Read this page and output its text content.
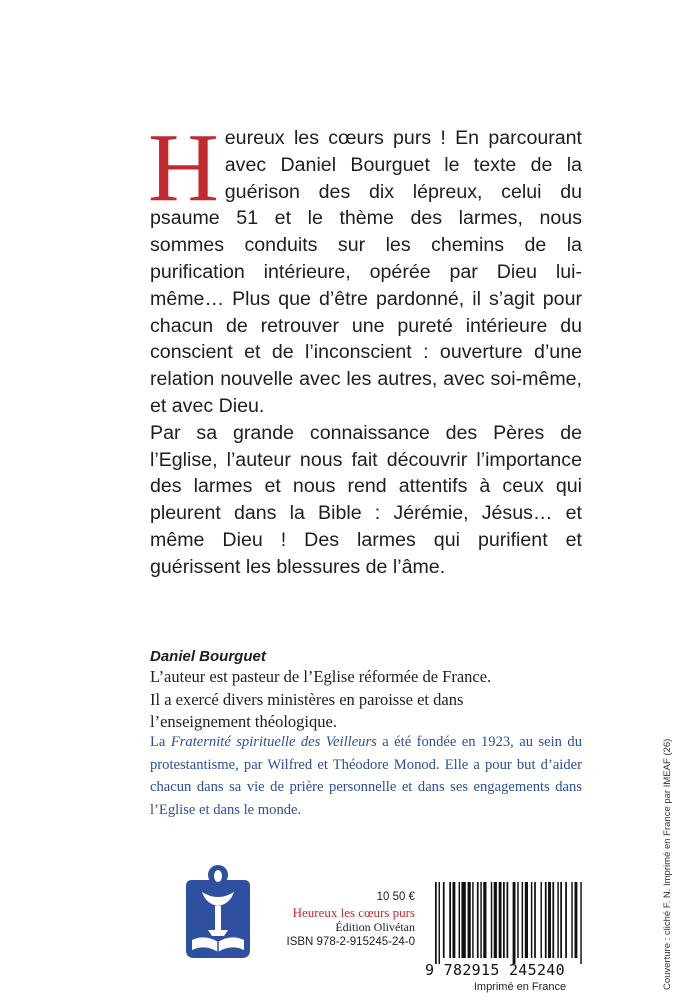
Heureux les cœurs purs ! En parcourant avec Daniel Bourguet le texte de la guérison des dix lépreux, celui du psaume 51 et le thème des larmes, nous sommes conduits sur les chemins de la purification intérieure, opérée par Dieu lui-même… Plus que d’être pardonné, il s’agit pour chacun de retrouver une pureté intérieure du conscient et de l’inconscient : ouverture d’une relation nouvelle avec les autres, avec soi-même, et avec Dieu.

Par sa grande connaissance des Pères de l’Eglise, l’auteur nous fait découvrir l’importance des larmes et nous rend attentifs à ceux qui pleurent dans la Bible : Jérémie, Jésus… et même Dieu ! Des larmes qui purifient et guérissent les blessures de l’âme.

Daniel Bourguet
L’auteur est pasteur de l’Eglise réformée de France.
Il a exercé divers ministères en paroisse et dans
l’enseignement théologique.
La Fraternité spirituelle des Veilleurs a été fondée en 1923, au sein du protestantisme, par Wilfred et Théodore Monod. Elle a pour but d’aider chacun dans sa vie de prière personnelle et dans ses engagements dans l’Eglise et dans le monde.
10 50 €
Heureux les cœurs purs
Édition Olivétan
ISBN 978-2-915245-24-0
9 782915 245240
Imprimé en France	Couverture : cliché F. N. Imprimé en France par IMEAF (26)
